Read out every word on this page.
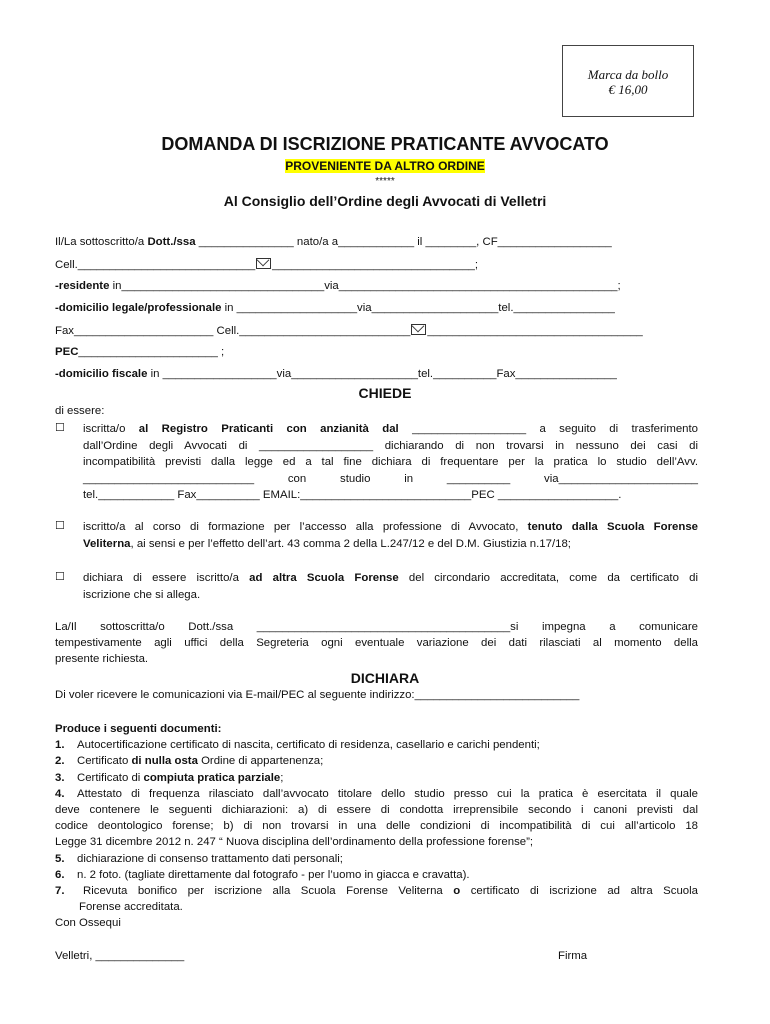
Marca da bollo
€ 16,00
DOMANDA DI ISCRIZIONE PRATICANTE AVVOCATO
PROVENIENTE DA ALTRO ORDINE
*****
Al Consiglio dell’Ordine degli Avvocati di Velletri
Il/La sottoscritto/a Dott./ssa _______________ nato/a a____________ il ________, CF__________________
Cell.____________________________ ________________________________;
-residente in________________________________via____________________________________________;
-domicilio legale/professionale in ___________________via____________________tel.________________
Fax______________________ Cell.___________________________ __________________________________
PEC______________________ ;
-domicilio fiscale in __________________via____________________tel.__________Fax________________
CHIEDE
di essere:
☐ iscritta/o al Registro Praticanti con anzianità dal __________________ a seguito di trasferimento
dall’Ordine degli Avvocati di __________________ dichiarando di non trovarsi in nessuno dei casi di
incompatibilità previsti dalla legge ed a tal fine dichiara di frequentare per la pratica lo studio dell’Avv.
___________________________ con studio in __________ via______________________
tel.____________ Fax__________ EMAIL:___________________________PEC ___________________.
☐ iscritto/a al corso di formazione per l’accesso alla professione di Avvocato, tenuto dalla Scuola Forense
Veliterna, ai sensi e per l’effetto dell’art. 43 comma 2 della L.247/12 e del D.M. Giustizia n.17/18;
☐ dichiara di essere iscritto/a ad altra Scuola Forense del circondario accreditata, come da certificato di
iscrizione che si allega.
La/Il sottoscritta/o Dott./ssa ________________________________________si impegna a comunicare
tempestivamente agli uffici della Segreteria ogni eventuale variazione dei dati rilasciati al momento della
presente richiesta.
DICHIARA
Di voler ricevere le comunicazioni via E-mail/PEC al seguente indirizzo:__________________________
Produce i seguenti documenti:
1. Autocertificazione certificato di nascita, certificato di residenza, casellario e carichi pendenti;
2. Certificato di nulla osta Ordine di appartenenza;
3. Certificato di compiuta pratica parziale;
4. Attestato di frequenza rilasciato dall’avvocato titolare dello studio presso cui la pratica è esercitata il quale
deve contenere le seguenti dichiarazioni: a) di essere di condotta irreprensibile secondo i canoni previsti dal
codice deontologico forense; b) di non trovarsi in una delle condizioni di incompatibilità di cui all’articolo 18
Legge 31 dicembre 2012 n. 247 “ Nuova disciplina dell’ordinamento della professione forense”;
5. dichiarazione di consenso trattamento dati personali;
6. n. 2 foto. (tagliate direttamente dal fotografo - per l’uomo in giacca e cravatta).
7. Ricevuta bonifico per iscrizione alla Scuola Forense Veliterna o certificato di iscrizione ad altra Scuola
Forense accreditata.
Con Ossequi
Velletri, ______________	Firma
